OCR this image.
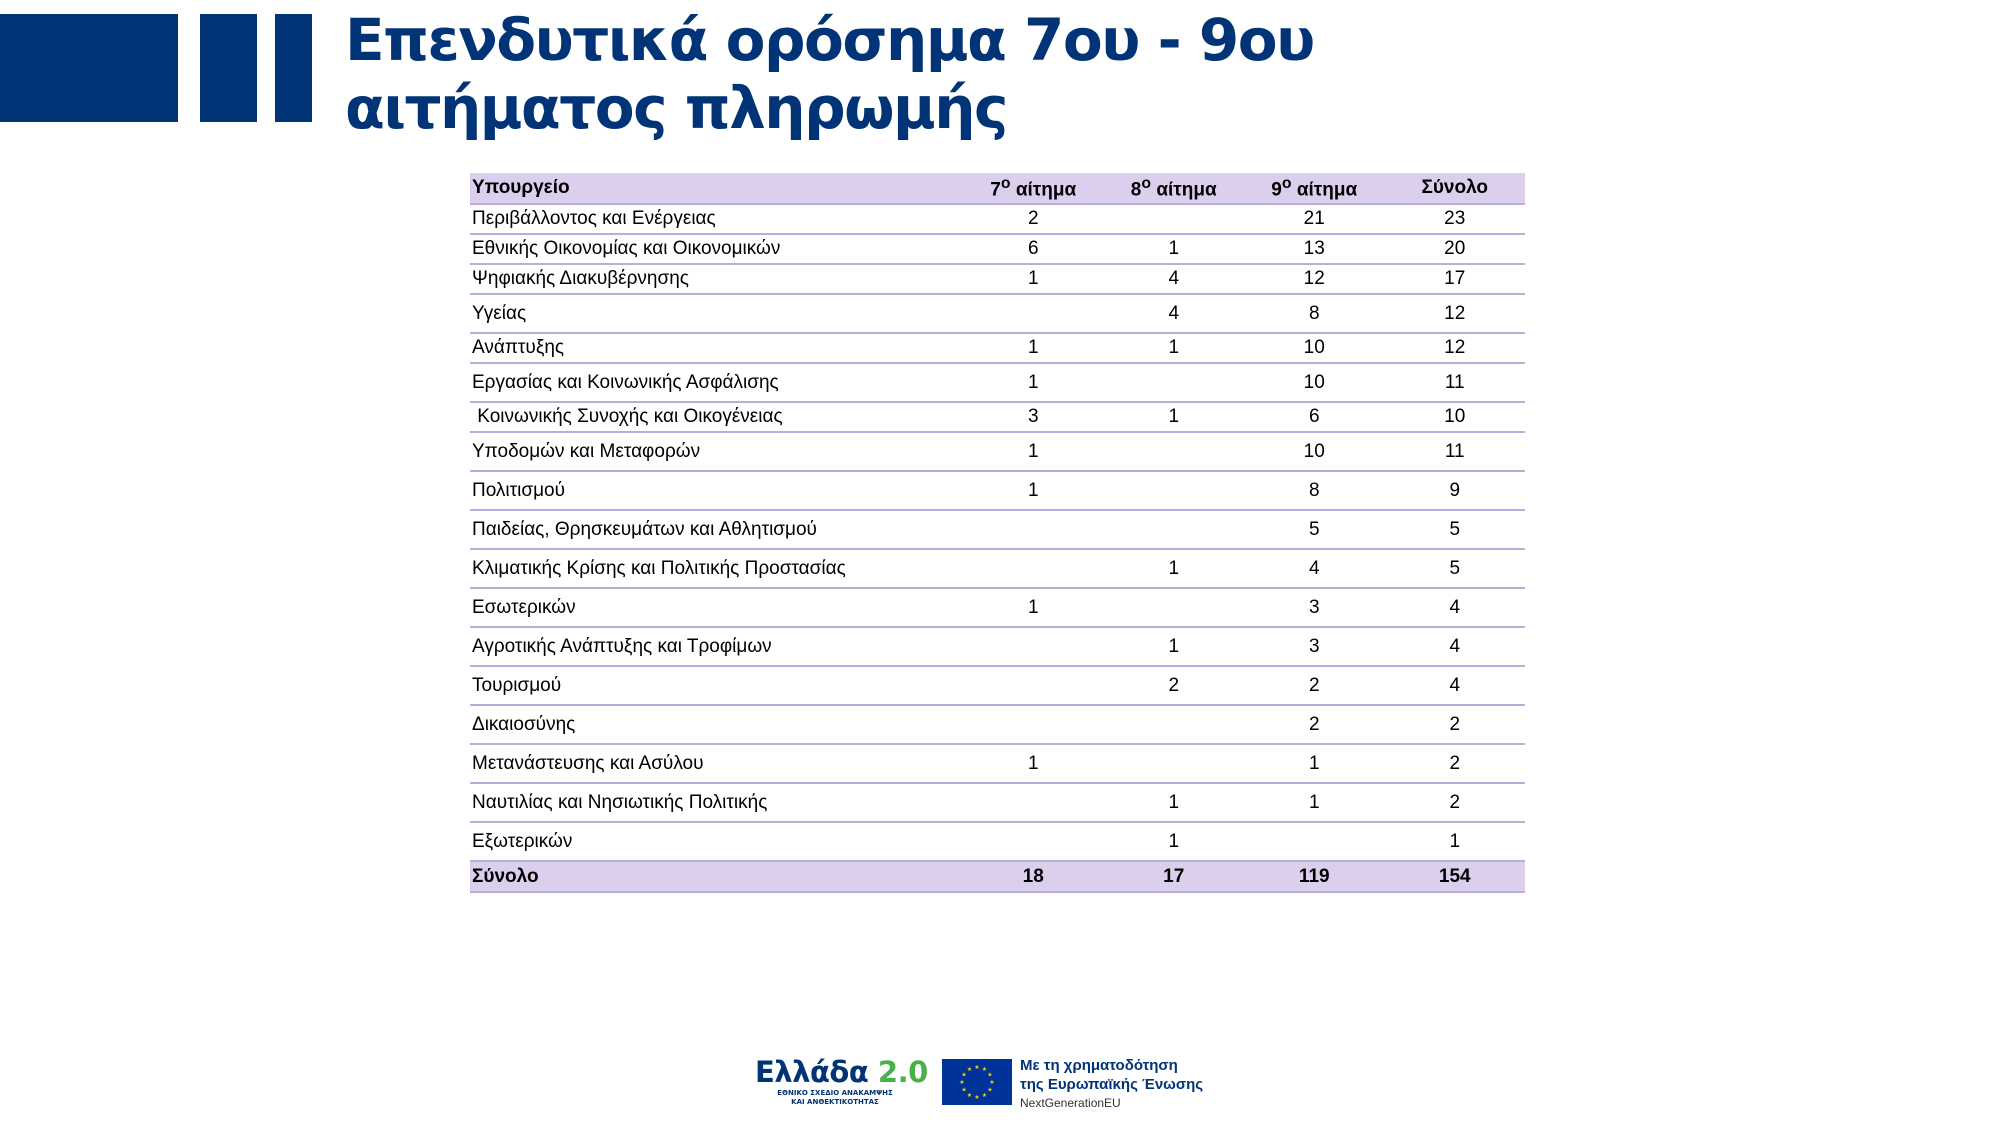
Επενδυτικά ορόσημα 7ου - 9ου
αιτήματος πληρωμής
Υπουργείο	$7^o$ αίτημα	$8^o$ αίτημα	$9^o$ αίτημα	Σύνολο
Περιβάλλοντος και Ενέργειας	2		21	23
Εθνικής Οικονομίας και Οικονομικών	6	1	13	20
Ψηφιακής Διακυβέρνησης	1	4	12	17
Υγείας		4	8	12
Ανάπτυξης	1	1	10	12
Εργασίας και Κοινωνικής Ασφάλισης	1		10	11
Κοινωνικής Συνοχής και Οικογένειας	3	1	6	10
Υποδομών και Μεταφορών	1		10	11
Πολιτισμού	1		8	9
Παιδείας, Θρησκευμάτων και Αθλητισμού			5	5
Κλιματικής Κρίσης και Πολιτικής Προστασίας		1	4	5
Εσωτερικών	1		3	4
Αγροτικής Ανάπτυξης και Τροφίμων		1	3	4
Τουρισμού		2	2	4
Δικαιοσύνης			2	2
Μετανάστευσης και Ασύλου	1		1	2
Ναυτιλίας και Νησιωτικής Πολιτικής		1	1	2
Εξωτερικών		1		1
Σύνολο	18	17	119	154
Ελλάδα 2.0
ΕΘΝΙΚΟ ΣΧΕΔΙΟ ΑΝΑΚΑΜΨΗΣ
ΚΑΙ ΑΝΘΕΚΤΙΚΟΤΗΤΑΣ
★ ★
★
★
★
★
★
★
★
★
★
★	Με τη χρηματοδότηση
της Ευρωπαϊκής Ένωσης
NextGenerationEU
